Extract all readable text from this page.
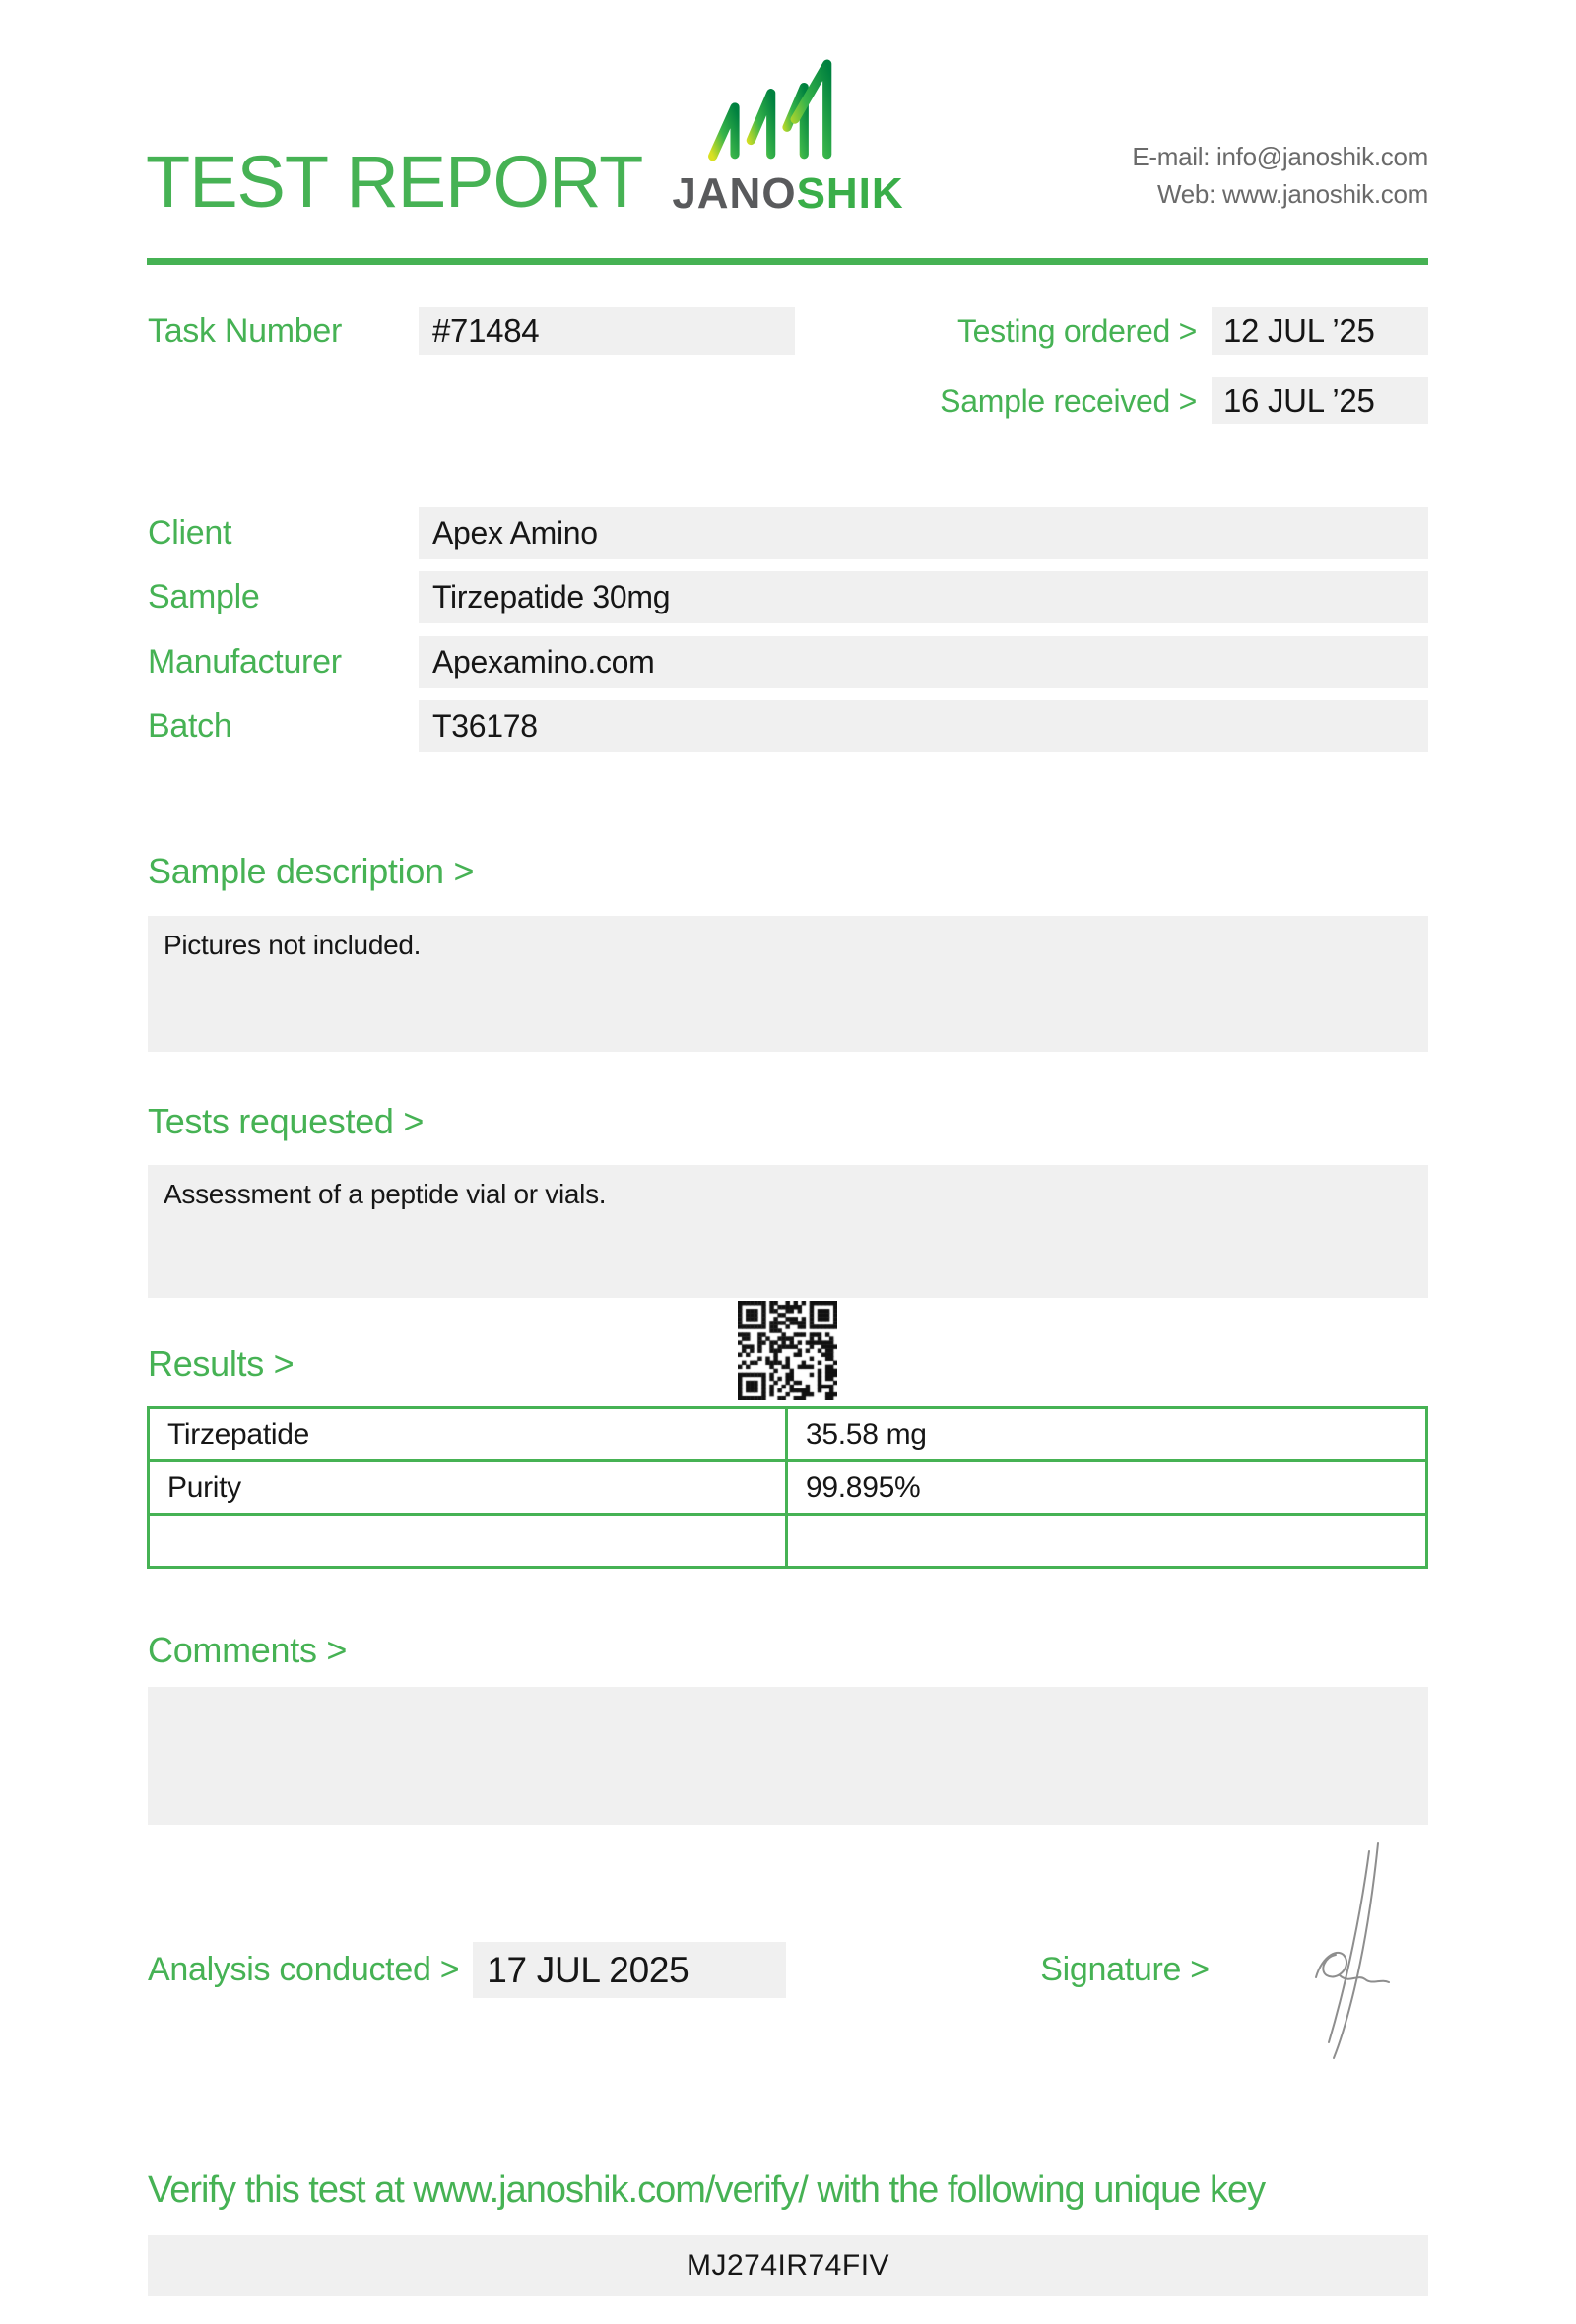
TEST REPORT JANOSHIK
E-mail: info@janoshik.com
Web: www.janoshik.com
Task Number	#71484	Testing ordered > 12 JUL ’25
Sample received > 16 JUL ’25
Client	Apex Amino
Sample	Tirzepatide 30mg
Manufacturer	Apexamino.com
Batch	T36178
Sample description >
Pictures not included.
Tests requested >
Assessment of a peptide vial or vials.
Results >
Tirzepatide	35.58 mg
Purity	99.895%

Comments >
Analysis conducted > 17 JUL 2025	Signature >
Verify this test at www.janoshik.com/verify/ with the following unique key
MJ274IR74FIV
